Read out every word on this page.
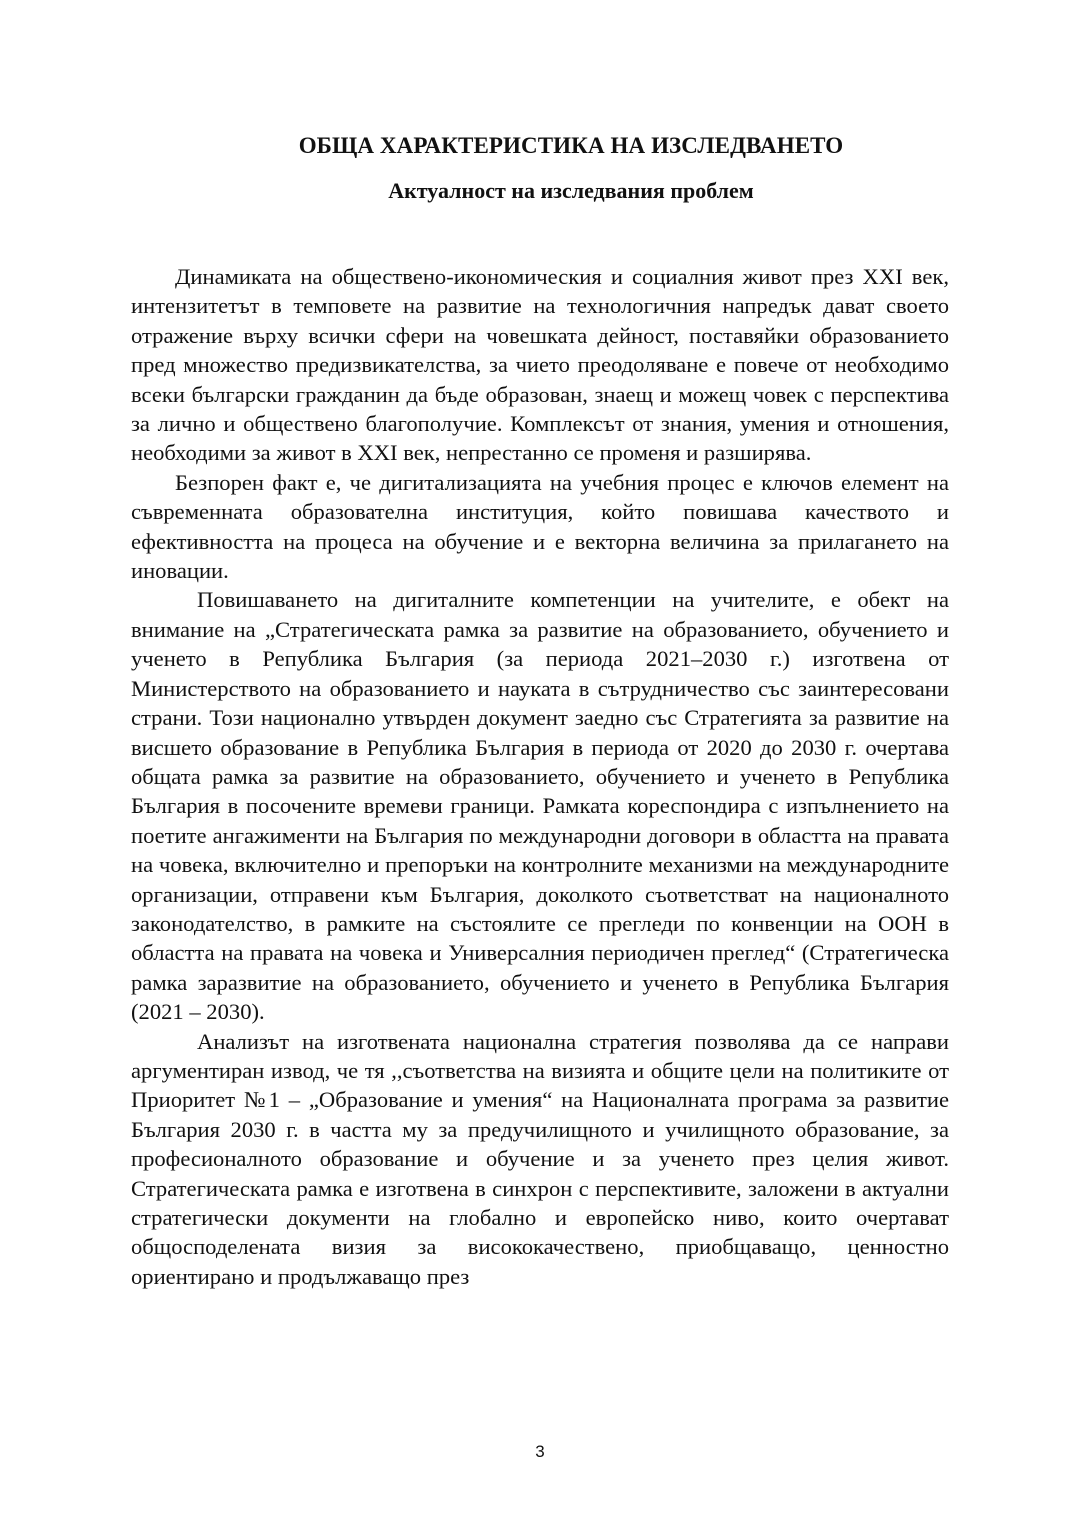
ОБЩА ХАРАКТЕРИСТИКА НА ИЗСЛЕДВАНЕТО
Актуалност на изследвания проблем

Динамиката на обществено-икономическия и социалния живот през XXI век, интензитетът в темповете на развитие на технологичния напредък дават своето отражение върху всички сфери на човешката дейност, поставяйки образованието пред множество предизвикателства, за чието преодоляване е повече от необходимо всеки български гражданин да бъде образован, знаещ и можещ човек с перспектива за лично и обществено благополучие. Комплексът от знания, умения и отношения, необходими за живот в XXI век, непрестанно се променя и разширява.

Безпорен факт е, че дигитализацията на учебния процес е ключов елемент на съвременната образователна институция, който повишава качеството и ефективността на процеса на обучение и е векторна величина за прилагането на иновации.

Повишаването на дигиталните компетенции на учителите, е обект на внимание на „Стратегическата рамка за развитие на образованието, обучението и ученето в Република България (за периода 2021–2030 г.) изготвена от Министерството на образованието и науката в сътрудничество със заинтересовани страни. Този национално утвърден документ заедно със Стратегията за развитие на висшето образование в Република България в периода от 2020 до 2030 г. очертава общата рамка за развитие на образованието, обучението и ученето в Република България в посочените времеви граници. Рамката кореспондира с изпълнението на поетите ангажименти на България по международни договори в областта на правата на човека, включително и препоръки на контролните механизми на международните организации, отправени към България, доколкото съответстват на националното законодателство, в рамките на състоялите се прегледи по конвенции на ООН в областта на правата на човека и Универсалния периодичен преглед“ (Стратегическа рамка заразвитие на образованието, обучението и ученето в Република България (2021 – 2030).

Анализът на изготвената национална стратегия позволява да се направи аргументиран извод, че тя ,,съответства на визията и общите цели на политиките от Приоритет №1 – „Образование и умения“ на Националната програма за развитие България 2030 г. в частта му за предучилищното и училищното образование, за професионалното образование и обучение и за ученето през целия живот. Стратегическата рамка е изготвена в синхрон с перспективите, заложени в актуални стратегически документи на глобално и европейско ниво, които очертават общосподелената визия за висококачествено, приобщаващо, ценностно ориентирано и продължаващо през

3
